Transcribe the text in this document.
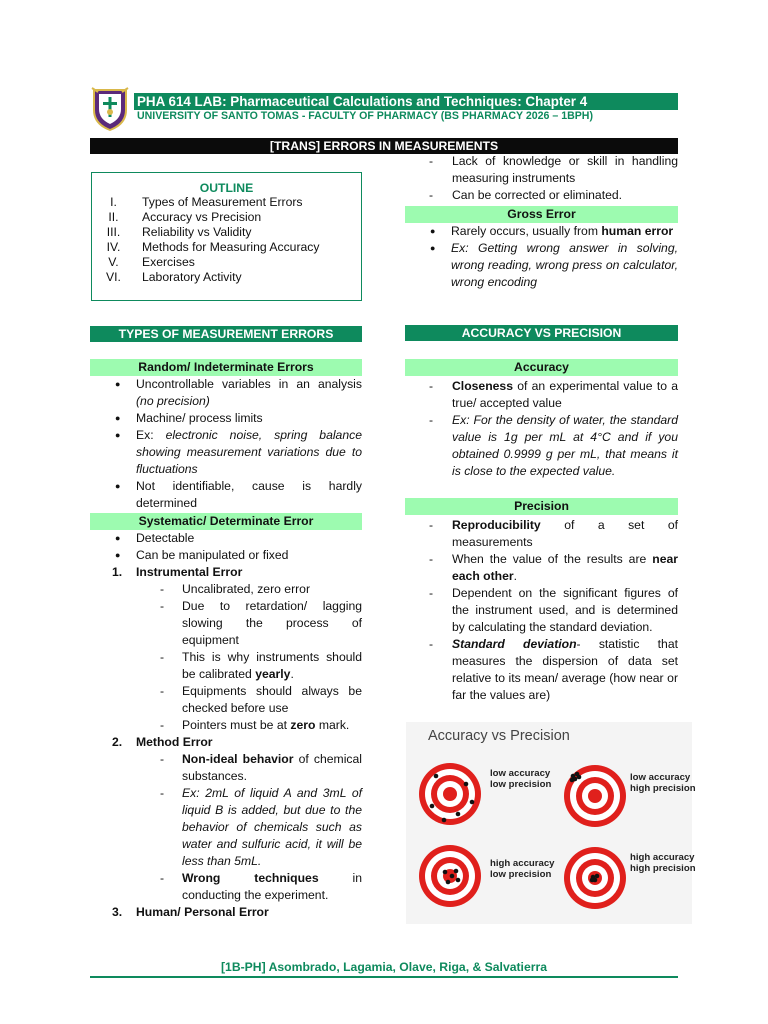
PHA 614 LAB: Pharmaceutical Calculations and Techniques: Chapter 4
UNIVERSITY OF SANTO TOMAS - FACULTY OF PHARMACY (BS PHARMACY 2026 – 1BPH)
[TRANS] ERRORS IN MEASUREMENTS
OUTLINE
I.	Types of Measurement Errors
II.	Accuracy vs Precision
III.	Reliability vs Validity
IV.	Methods for Measuring Accuracy
V.	Exercises
VI.	Laboratory Activity
TYPES OF MEASUREMENT ERRORS
Random/ Indeterminate Errors
● Uncontrollable variables in an analysis (no precision)
● Machine/ process limits
● Ex: electronic noise, spring balance showing measurement variations due to fluctuations
● Not identifiable, cause is hardly determined
Systematic/ Determinate Error
● Detectable
● Can be manipulated or fixed
1. Instrumental Error
- Uncalibrated, zero error
- Due to retardation/ lagging slowing the process of equipment
- This is why instruments should be calibrated yearly.
- Equipments should always be checked before use
- Pointers must be at zero mark.
2. Method Error
- Non-ideal behavior of chemical substances.
- Ex: 2mL of liquid A and 3mL of liquid B is added, but due to the behavior of chemicals such as water and sulfuric acid, it will be less than 5mL.
- Wrong techniques in conducting the experiment.
3. Human/ Personal Error
- Lack of knowledge or skill in handling measuring instruments
- Can be corrected or eliminated.
Gross Error
● Rarely occurs, usually from human error
● Ex: Getting wrong answer in solving, wrong reading, wrong press on calculator, wrong encoding
ACCURACY VS PRECISION
Accuracy
- Closeness of an experimental value to a true/ accepted value
- Ex: For the density of water, the standard value is 1g per mL at 4°C and if you obtained 0.9999 g per mL, that means it is close to the expected value.
Precision
- Reproducibility of a set of measurements
- When the value of the results are near each other.
- Dependent on the significant figures of the instrument used, and is determined by calculating the standard deviation.
- Standard deviation- statistic that measures the dispersion of data set relative to its mean/ average (how near or far the values are)
Accuracy vs Precision
low accuracy
low precision
low accuracy
high precision
high accuracy
low precision
high accuracy
high precision
[1B-PH] Asombrado, Lagamia, Olave, Riga, & Salvatierra
